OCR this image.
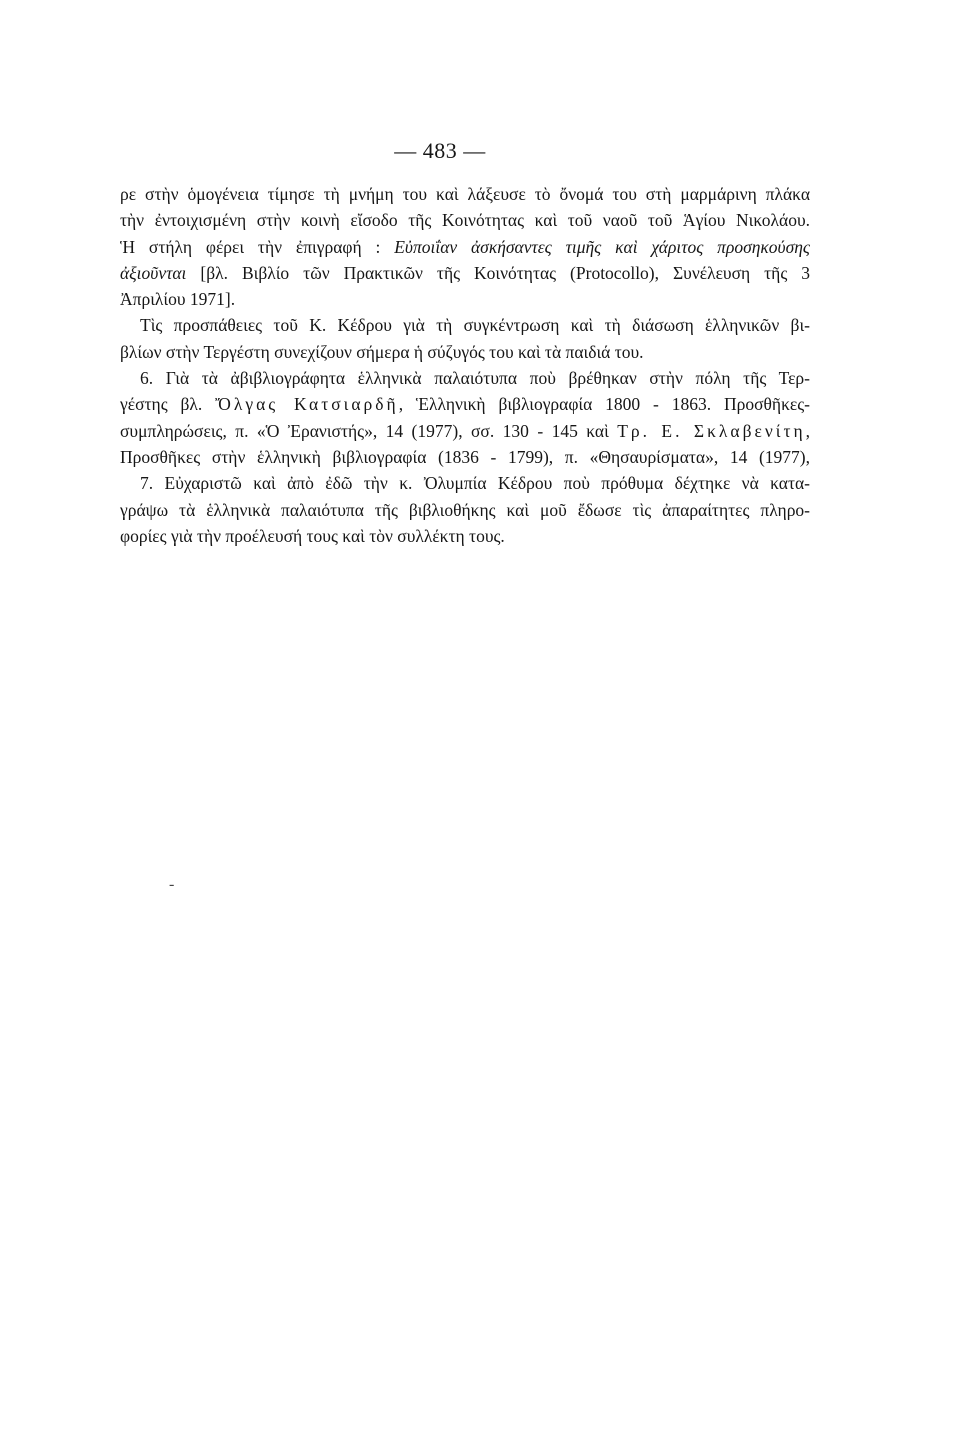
— 483 —
ρε στὴν ὁμογένεια τίμησε τὴ μνήμη του καὶ λάξευσε τὸ ὄνομά του στὴ μαρμάρινη πλάκα
τὴν ἐντοιχισμένη στὴν κοινὴ εἴσοδο τῆς Κοινότητας καὶ τοῦ ναοῦ τοῦ Ἁγίου Νικολάου.
Ἡ στήλη φέρει τὴν ἐπιγραφή : Εὐποιΐαν ἀσκήσαντες τιμῆς καὶ χάριτος προσηκούσης
ἀξιοῦνται [βλ. Βιβλίο τῶν Πρακτικῶν τῆς Κοινότητας (Protocollo), Συνέλευση τῆς 3
Ἀπριλίου 1971].
Τὶς προσπάθειες τοῦ Κ. Κέδρου γιὰ τὴ συγκέντρωση καὶ τὴ διάσωση ἑλληνικῶν βι-
βλίων στὴν Τεργέστη συνεχίζουν σήμερα ἡ σύζυγός του καὶ τὰ παιδιά του.
6. Γιὰ τὰ ἀβιβλιογράφητα ἑλληνικὰ παλαιότυπα ποὺ βρέθηκαν στὴν πόλη τῆς Τερ-
γέστης βλ. Ὄλγας Κατσιαρδῆ, Ἑλληνικὴ βιβλιογραφία 1800 - 1863. Προσθῆκες-
συμπληρώσεις, π. «Ὁ Ἐρανιστής», 14 (1977), σσ. 130 - 145 καὶ Τρ. Ε. Σκλαβενίτη,
Προσθῆκες στὴν ἑλληνικὴ βιβλιογραφία (1836 - 1799), π. «Θησαυρίσματα», 14 (1977),
7. Εὐχαριστῶ καὶ ἀπὸ ἐδῶ τὴν κ. Ὀλυμπία Κέδρου ποὺ πρόθυμα δέχτηκε νὰ κατα-
γράψω τὰ ἑλληνικὰ παλαιότυπα τῆς βιβλιοθήκης καὶ μοῦ ἔδωσε τὶς ἀπαραίτητες πληρο-
φορίες γιὰ τὴν προέλευσή τους καὶ τὸν συλλέκτη τους.
-
